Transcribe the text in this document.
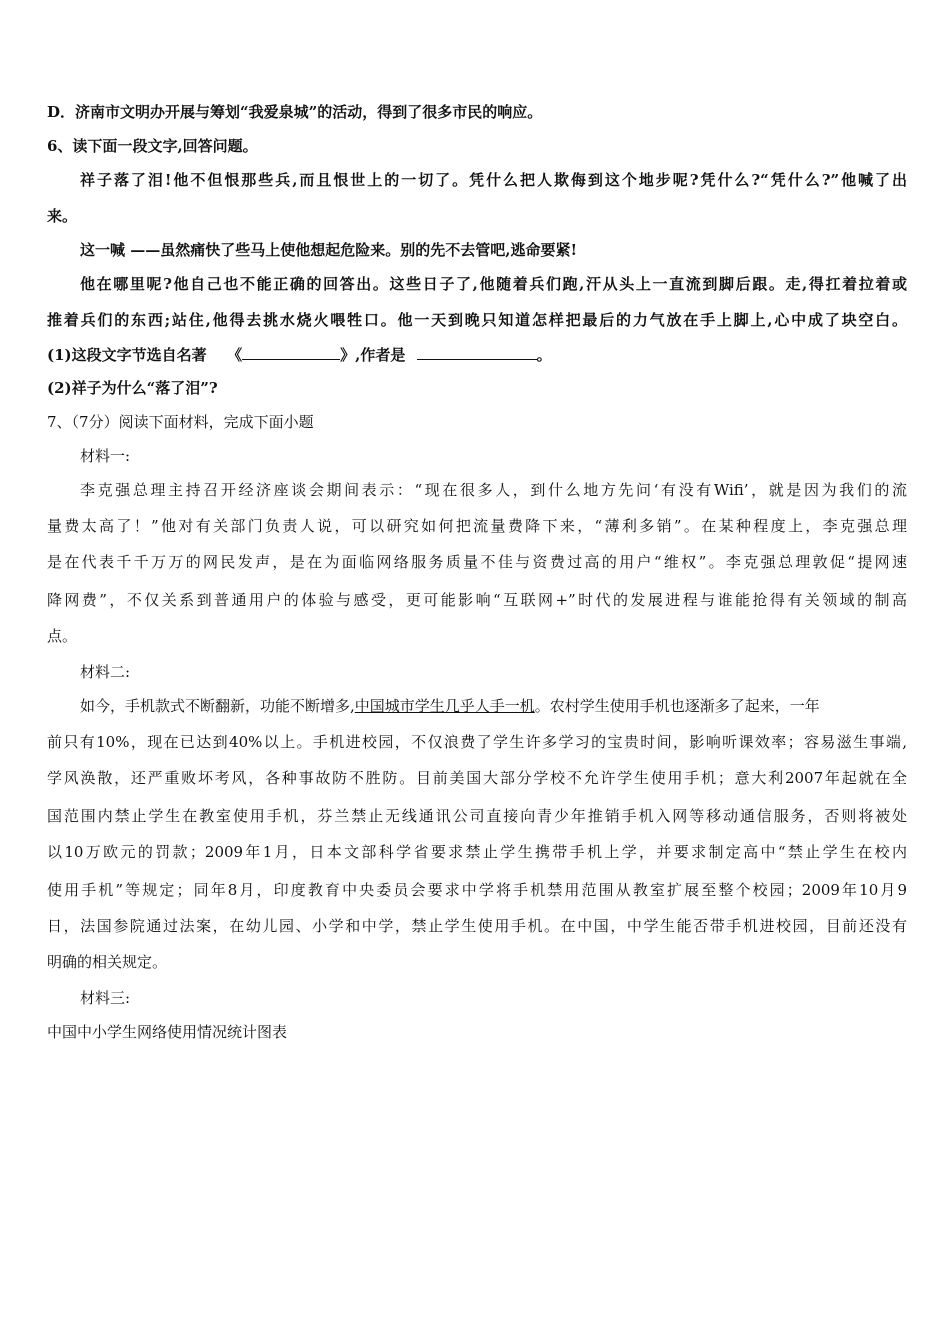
D．济南市文明办开展与筹划“我爱泉城”的活动，得到了很多市民的响应。
6、读下面一段文字,回答问题。
祥子落了泪!他不但恨那些兵,而且恨世上的一切了。凭什么把人欺侮到这个地步呢?凭什么?“凭什么?”他喊了出
来。
这一喊 ——虽然痛快了些马上使他想起危险来。别的先不去管吧,逃命要紧!
他在哪里呢?他自己也不能正确的回答出。这些日子了,他随着兵们跑,汗从头上一直流到脚后跟。走,得扛着拉着或
推着兵们的东西;站住,他得去挑水烧火喂牲口。他一天到晚只知道怎样把最后的力气放在手上脚上,心中成了块空白。
(1)这段文字节选自名著 《	》,作者是	。
(2)祥子为什么“落了泪”?
7、（7分）阅读下面材料，完成下面小题
材料一:
李克强总理主持召开经济座谈会期间表示：“现在很多人，到什么地方先问‘有没有Wifi’，就是因为我们的流
量费太高了！”他对有关部门负责人说，可以研究如何把流量费降下来，“薄利多销”。在某种程度上，李克强总理
是在代表千千万万的网民发声，是在为面临网络服务质量不佳与资费过高的用户“维权”。李克强总理敦促“提网速
降网费”，不仅关系到普通用户的体验与感受，更可能影响“互联网+”时代的发展进程与谁能抢得有关领域的制高
点。
材料二:
如今，手机款式不断翻新，功能不断增多,中国城市学生几乎人手一机。农村学生使用手机也逐渐多了起来，一年
前只有10%，现在已达到40%以上。手机进校园，不仅浪费了学生许多学习的宝贵时间，影响听课效率；容易滋生事端,
学风涣散，还严重败坏考风，各种事故防不胜防。目前美国大部分学校不允许学生使用手机；意大利2007年起就在全
国范围内禁止学生在教室使用手机，芬兰禁止无线通讯公司直接向青少年推销手机入网等移动通信服务，否则将被处
以10万欧元的罚款；2009年1月，日本文部科学省要求禁止学生携带手机上学，并要求制定高中“禁止学生在校内
使用手机”等规定；同年8月，印度教育中央委员会要求中学将手机禁用范围从教室扩展至整个校园；2009年10月9
日，法国参院通过法案，在幼儿园、小学和中学，禁止学生使用手机。在中国，中学生能否带手机进校园，目前还没有
明确的相关规定。
材料三:
中国中小学生网络使用情况统计图表
